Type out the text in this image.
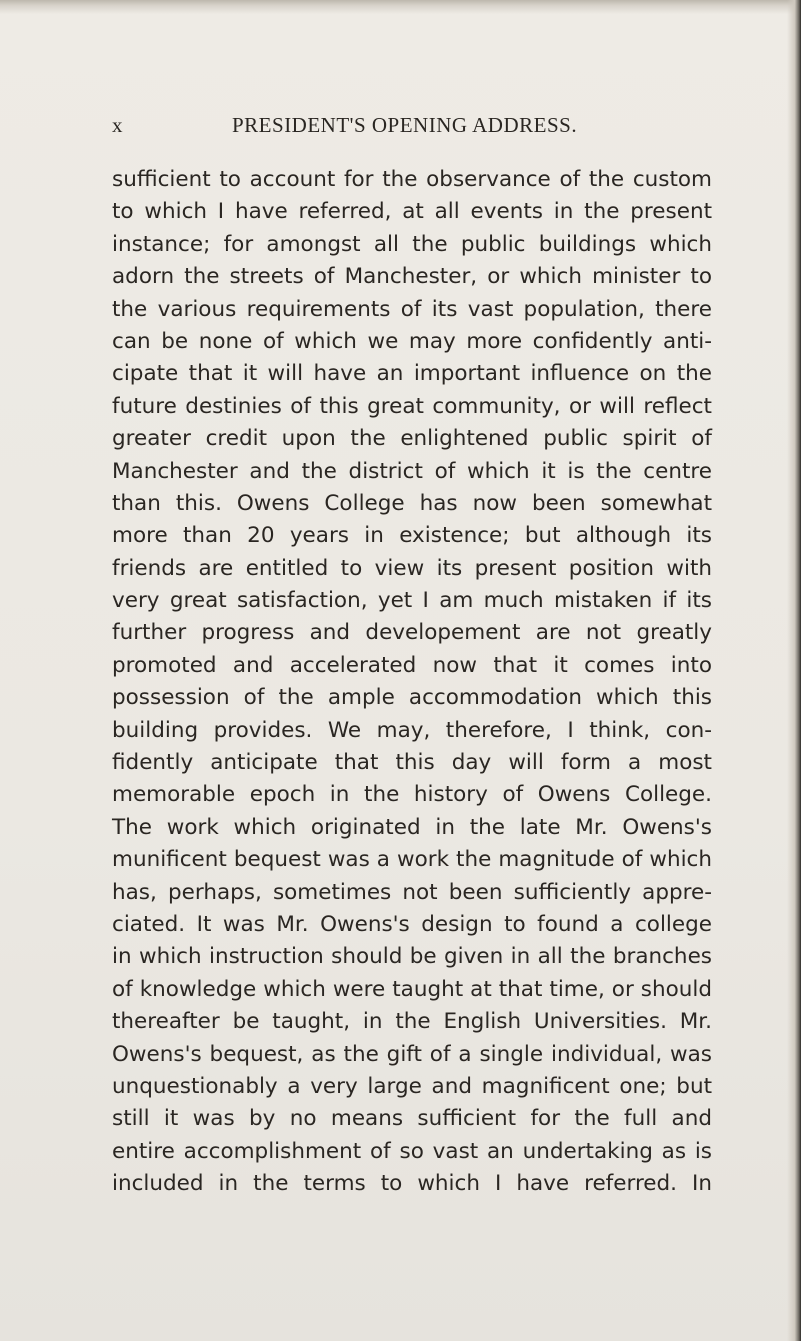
x	PRESIDENT'S OPENING ADDRESS.
sufficient to account for the observance of the custom
to which I have referred, at all events in the present
instance; for amongst all the public buildings which
adorn the streets of Manchester, or which minister to
the various requirements of its vast population, there
can be none of which we may more confidently anti-
cipate that it will have an important influence on the
future destinies of this great community, or will reflect
greater credit upon the enlightened public spirit of
Manchester and the district of which it is the centre
than this. Owens College has now been somewhat
more than 20 years in existence; but although its
friends are entitled to view its present position with
very great satisfaction, yet I am much mistaken if its
further progress and developement are not greatly
promoted and accelerated now that it comes into
possession of the ample accommodation which this
building provides. We may, therefore, I think, con-
fidently anticipate that this day will form a most
memorable epoch in the history of Owens College.
The work which originated in the late Mr. Owens's
munificent bequest was a work the magnitude of which
has, perhaps, sometimes not been sufficiently appre-
ciated. It was Mr. Owens's design to found a college
in which instruction should be given in all the branches
of knowledge which were taught at that time, or should
thereafter be taught, in the English Universities. Mr.
Owens's bequest, as the gift of a single individual, was
unquestionably a very large and magnificent one; but
still it was by no means sufficient for the full and
entire accomplishment of so vast an undertaking as is
included in the terms to which I have referred. In
